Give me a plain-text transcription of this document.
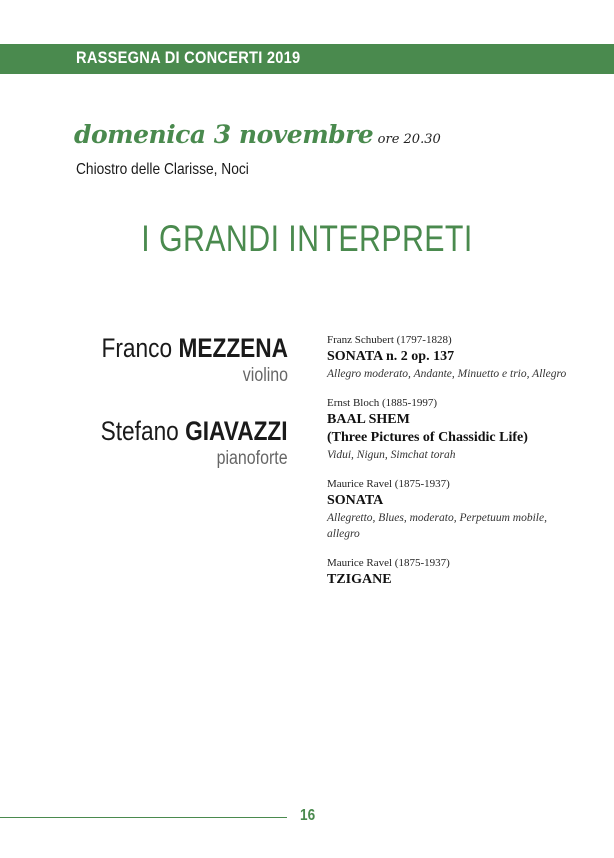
RASSEGNA DI CONCERTI 2019
domenica 3 novembre ore 20.30
Chiostro delle Clarisse, Noci
I GRANDI INTERPRETI
Franco MEZZENA
violino
Stefano GIAVAZZI
pianoforte
Franz Schubert (1797-1828)
SONATA n. 2 op. 137
Allegro moderato, Andante, Minuetto e trio, Allegro
Ernst Bloch (1885-1997)
BAAL SHEM
(Three Pictures of Chassidic Life)
Vidui, Nigun, Simchat torah
Maurice Ravel (1875-1937)
SONATA
Allegretto, Blues, moderato, Perpetuum mobile, allegro
Maurice Ravel (1875-1937)
TZIGANE
16
